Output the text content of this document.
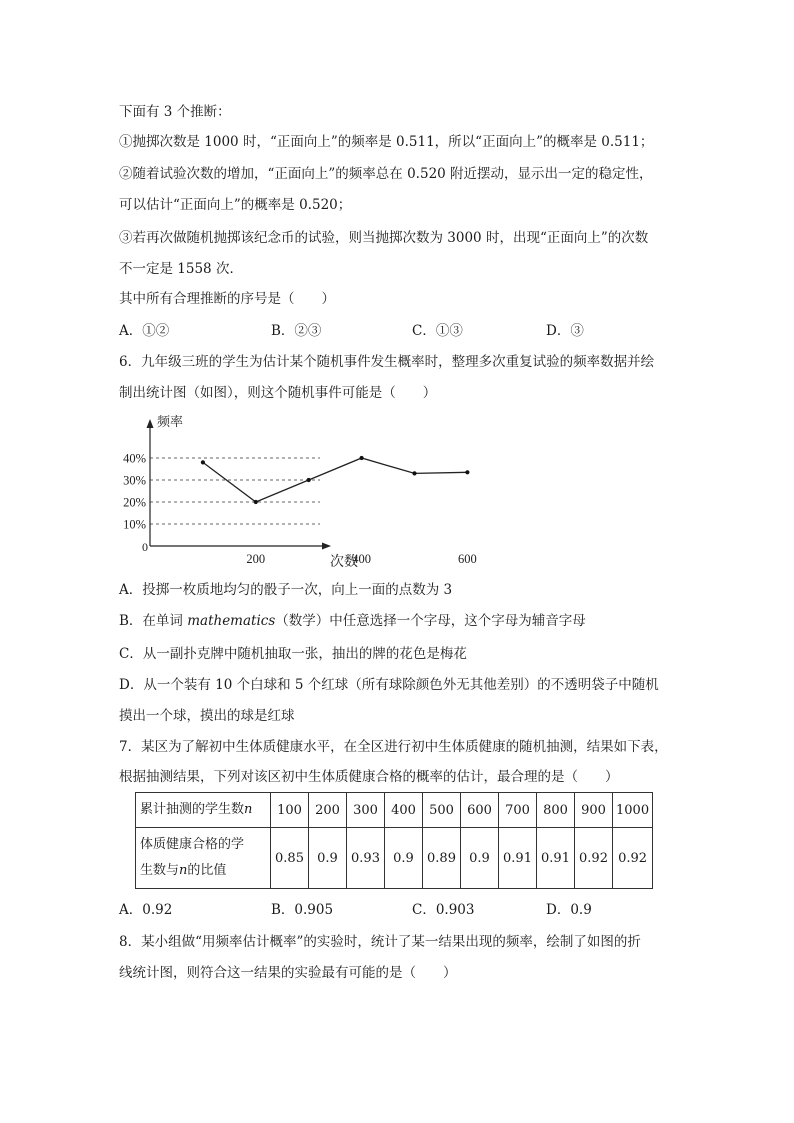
下面有 3 个推断：
①抛掷次数是 1000 时，“正面向上”的频率是 0.511，所以“正面向上”的概率是 0.511；
②随着试验次数的增加，“正面向上”的频率总在 0.520 附近摆动，显示出一定的稳定性，
可以估计“正面向上”的概率是 0.520；
③若再次做随机抛掷该纪念币的试验，则当抛掷次数为 3000 时，出现“正面向上”的次数
不一定是 1558 次．
其中所有合理推断的序号是（　　）
A．①②	B．②③	C．①③	D．③
6．九年级三班的学生为估计某个随机事件发生概率时，整理多次重复试验的频率数据并绘
制出统计图（如图），则这个随机事件可能是（　　）
10%
20%
30%
40%
200	400	600
频率
次数
0
A．投掷一枚质地均匀的骰子一次，向上一面的点数为 3
B．在单词 mathematics（数学）中任意选择一个字母，这个字母为辅音字母
C．从一副扑克牌中随机抽取一张，抽出的牌的花色是梅花
D．从一个装有 10 个白球和 5 个红球（所有球除颜色外无其他差别）的不透明袋子中随机
摸出一个球，摸出的球是红球
7．某区为了解初中生体质健康水平，在全区进行初中生体质健康的随机抽测，结果如下表，
根据抽测结果，下列对该区初中生体质健康合格的概率的估计，最合理的是（　　）
累计抽测的学生数n	100	200	300	400	500	600	700	800	900	1000

体质健康合格的学
生数与n的比值	0.85	0.9	0.93	0.9	0.89	0.9	0.91	0.91	0.92	0.92
A．0.92	B．0.905	C．0.903	D．0.9
8．某小组做“用频率估计概率”的实验时，统计了某一结果出现的频率，绘制了如图的折
线统计图，则符合这一结果的实验最有可能的是（　　）
